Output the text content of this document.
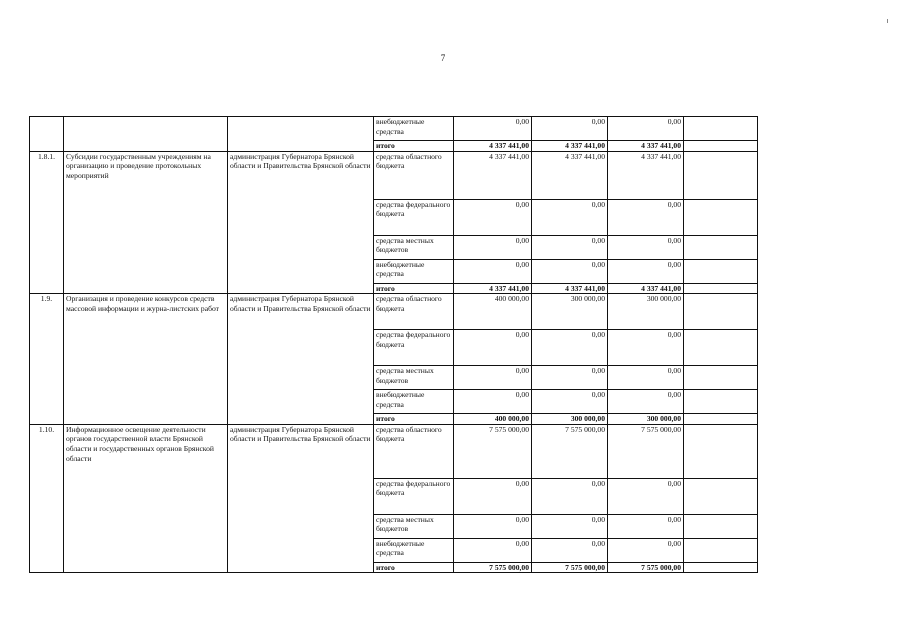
7
			внебюджетные средства	0,00	0,00	0,00	
			итого	4 337 441,00	4 337 441,00	4 337 441,00	
1.8.1.	Субсидии государственным учреждениям на организацию и проведение протокольных мероприятий	администрация Губернатора Брянской области и Правительства Брянской области	средства областного бюджета	4 337 441,00	4 337 441,00	4 337 441,00	
			средства федерального бюджета	0,00	0,00	0,00	
			средства местных бюджетов	0,00	0,00	0,00	
			внебюджетные средства	0,00	0,00	0,00	
			итого	4 337 441,00	4 337 441,00	4 337 441,00	
1.9.	Организация и проведение конкурсов средств массовой информации и журна-листских работ	администрация Губернатора Брянской области и Правительства Брянской области	средства областного бюджета	400 000,00	300 000,00	300 000,00	
			средства федерального бюджета	0,00	0,00	0,00	
			средства местных бюджетов	0,00	0,00	0,00	
			внебюджетные средства	0,00	0,00	0,00	
			итого	400 000,00	300 000,00	300 000,00	
1.10.	Информационное освещение деятельности органов государственной власти Брянской области и государственных органов Брянской области	администрация Губернатора Брянской области и Правительства Брянской области	средства областного бюджета	7 575 000,00	7 575 000,00	7 575 000,00	
			средства федерального бюджета	0,00	0,00	0,00	
			средства местных бюджетов	0,00	0,00	0,00	
			внебюджетные средства	0,00	0,00	0,00	
			итого	7 575 000,00	7 575 000,00	7 575 000,00	
